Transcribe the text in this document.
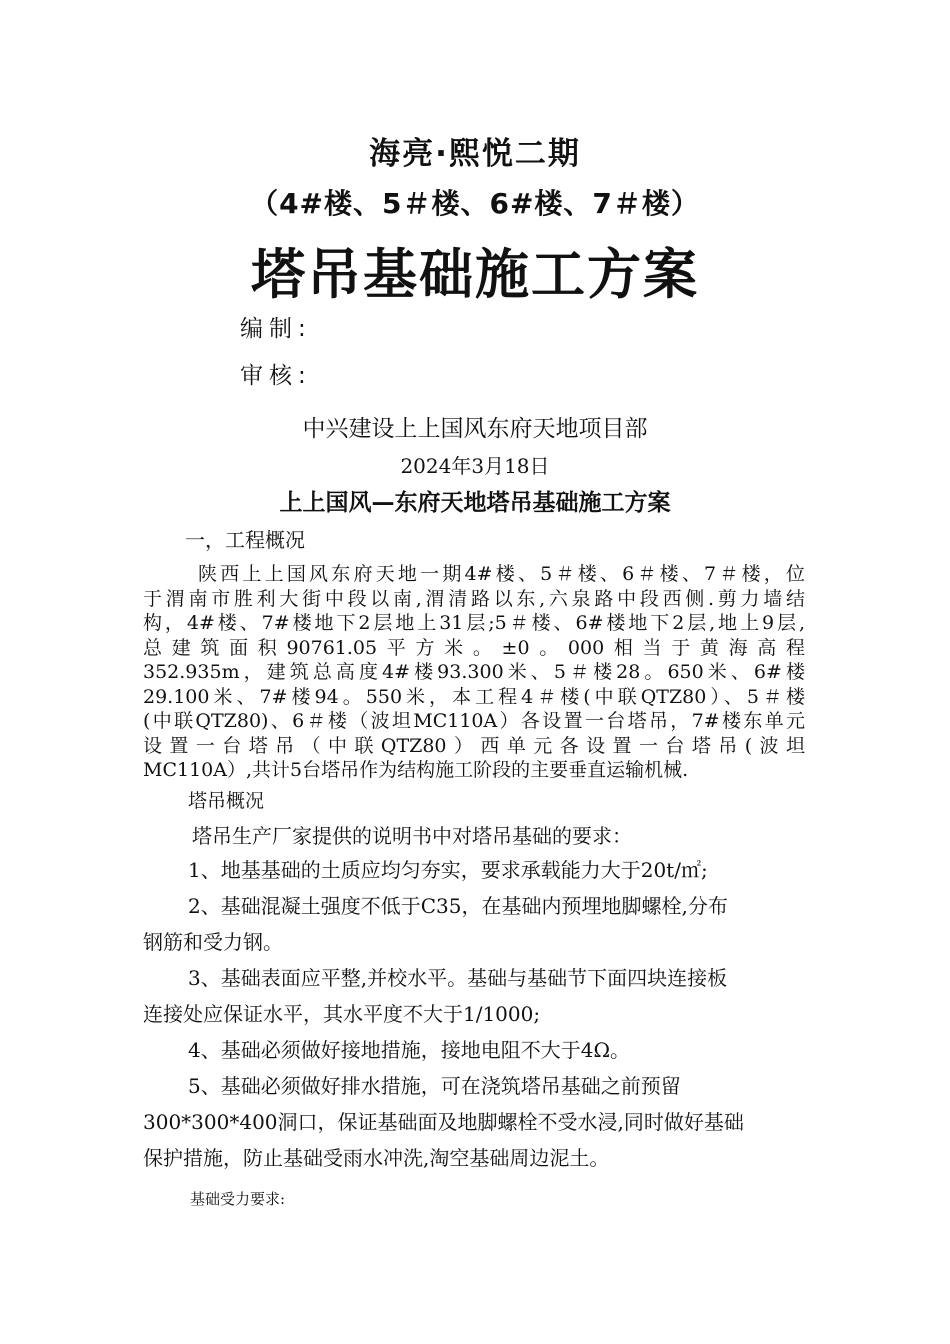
海亮·熙悦二期
（4#楼、5＃楼、6#楼、7＃楼）
塔吊基础施工方案
编制:
审核:
中兴建设上上国风东府天地项目部
2024年3月18日
上上国风—东府天地塔吊基础施工方案
一，工程概况
陕西上上国风东府天地一期4#楼、5＃楼、6＃楼、7＃楼，位
于渭南市胜利大街中段以南,渭清路以东,六泉路中段西侧.剪力墙结
构，4#楼、7#楼地下2层地上31层;5＃楼、6#楼地下2层,地上9层,
总建筑面积90761.05平方米。±0。000相当于黄海高程
352.935m，建筑总高度4#楼93.300米、5＃楼28。650米、6#楼
29.100米、7#楼94。550米，本工程4＃楼(中联QTZ80）、5＃楼
(中联QTZ80)、6＃楼（波坦MC110A）各设置一台塔吊，7#楼东单元
设置一台塔吊（中联QTZ80）西单元各设置一台塔吊(波坦
MC110A）,共计5台塔吊作为结构施工阶段的主要垂直运输机械.
塔吊概况
塔吊生产厂家提供的说明书中对塔吊基础的要求：
1、地基基础的土质应均匀夯实，要求承载能力大于20t/㎡;
2、基础混凝土强度不低于C35，在基础内预埋地脚螺栓,分布
钢筋和受力钢。
3、基础表面应平整,并校水平。基础与基础节下面四块连接板
连接处应保证水平，其水平度不大于1/1000;
4、基础必须做好接地措施，接地电阻不大于4Ω。
5、基础必须做好排水措施，可在浇筑塔吊基础之前预留
300*300*400洞口，保证基础面及地脚螺栓不受水浸,同时做好基础
保护措施，防止基础受雨水冲洗,淘空基础周边泥土。
基础受力要求:
